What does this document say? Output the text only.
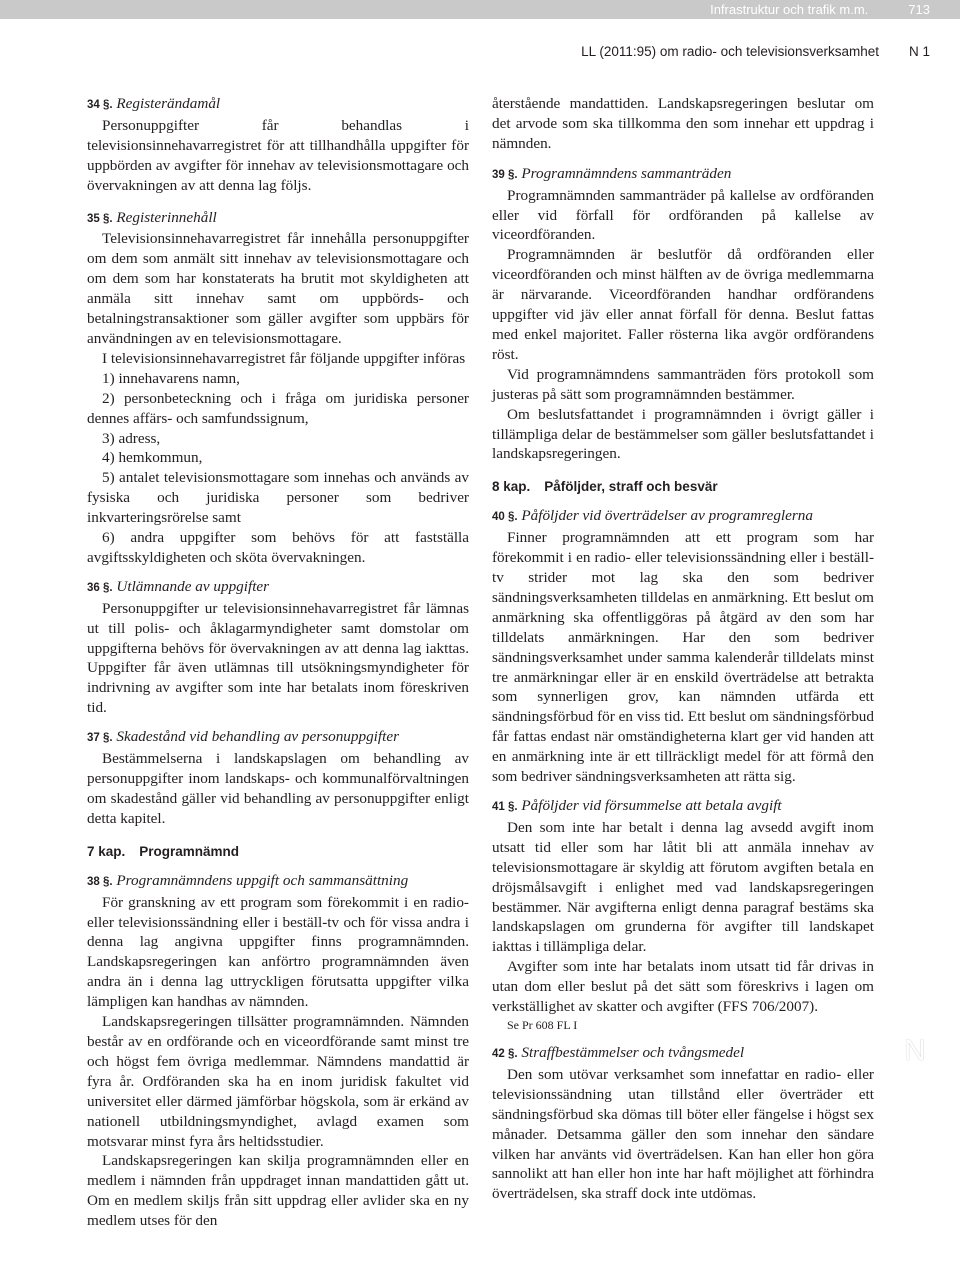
Infrastruktur och trafik m.m.	713
LL (2011:95) om radio- och televisionsverksamhet N 1

34 §. Registerändamål

Personuppgifter får behandlas i televisionsinnehavarregistret för att tillhandhålla uppgifter för uppbörden av avgifter för innehav av televisionsmottagare och övervakningen av att denna lag följs.

35 §. Registerinnehåll

Televisionsinnehavarregistret får innehålla personuppgifter om dem som anmält sitt innehav av televisionsmottagare och om dem som har konstaterats ha brutit mot skyldigheten att anmäla sitt innehav samt om uppbörds- och betalningstransaktioner som gäller avgifter som uppbärs för användningen av en televisionsmottagare.

I televisionsinnehavarregistret får följande uppgifter införas

1) innehavarens namn,

2) personbeteckning och i fråga om juridiska personer dennes affärs- och samfundssignum,

3) adress,

4) hemkommun,

5) antalet televisionsmottagare som innehas och används av fysiska och juridiska personer som bedriver inkvarteringsrörelse samt

6) andra uppgifter som behövs för att fastställa avgiftsskyldigheten och sköta övervakningen.

36 §. Utlämnande av uppgifter

Personuppgifter ur televisionsinnehavarregistret får lämnas ut till polis- och åklagarmyndigheter samt domstolar om uppgifterna behövs för övervakningen av att denna lag iakttas. Uppgifter får även utlämnas till utsökningsmyndigheter för indrivning av avgifter som inte har betalats inom föreskriven tid.

37 §. Skadestånd vid behandling av personuppgifter

Bestämmelserna i landskapslagen om behandling av personuppgifter inom landskaps- och kommunalförvaltningen om skadestånd gäller vid behandling av personuppgifter enligt detta kapitel.

7 kap. Programnämnd

38 §. Programnämndens uppgift och sammansättning

För granskning av ett program som förekommit i en radio- eller televisionssändning eller i beställ-tv och för vissa andra i denna lag angivna uppgifter finns programnämnden. Landskapsregeringen kan anförtro programnämnden även andra än i denna lag uttryckligen förutsatta uppgifter vilka lämpligen kan handhas av nämnden.

Landskapsregeringen tillsätter programnämnden. Nämnden består av en ordförande och en viceordförande samt minst tre och högst fem övriga medlemmar. Nämndens mandattid är fyra år. Ordföranden ska ha en inom juridisk fakultet vid universitet eller därmed jämförbar högskola, som är erkänd av nationell utbildningsmyndighet, avlagd examen som motsvarar minst fyra års heltidsstudier.

Landskapsregeringen kan skilja programnämnden eller en medlem i nämnden från uppdraget innan mandattiden gått ut. Om en medlem skiljs från sitt uppdrag eller avlider ska en ny medlem utses för den

återstående mandattiden. Landskapsregeringen beslutar om det arvode som ska tillkomma den som innehar ett uppdrag i nämnden.

39 §. Programnämndens sammanträden

Programnämnden sammanträder på kallelse av ordföranden eller vid förfall för ordföranden på kallelse av viceordföranden.

Programnämnden är beslutför då ordföranden eller viceordföranden och minst hälften av de övriga medlemmarna är närvarande. Viceordföranden handhar ordförandens uppgifter vid jäv eller annat förfall för denna. Beslut fattas med enkel majoritet. Faller rösterna lika avgör ordförandens röst.

Vid programnämndens sammanträden förs protokoll som justeras på sätt som programnämnden bestämmer.

Om beslutsfattandet i programnämnden i övrigt gäller i tillämpliga delar de bestämmelser som gäller beslutsfattandet i landskapsregeringen.

8 kap. Påföljder, straff och besvär

40 §. Påföljder vid överträdelser av programreglerna

Finner programnämnden att ett program som har förekommit i en radio- eller televisionssändning eller i beställ-tv strider mot lag ska den som bedriver sändningsverksamheten tilldelas en anmärkning. Ett beslut om anmärkning ska offentliggöras på åtgärd av den som har tilldelats anmärkningen. Har den som bedriver sändningsverksamhet under samma kalenderår tilldelats minst tre anmärkningar eller är en enskild överträdelse att betrakta som synnerligen grov, kan nämnden utfärda ett sändningsförbud för en viss tid. Ett beslut om sändningsförbud får fattas endast när omständigheterna klart ger vid handen att en anmärkning inte är ett tillräckligt medel för att förmå den som bedriver sändningsverksamheten att rätta sig.

41 §. Påföljder vid försummelse att betala avgift

Den som inte har betalt i denna lag avsedd avgift inom utsatt tid eller som har låtit bli att anmäla innehav av televisionsmottagare är skyldig att förutom avgiften betala en dröjsmålsavgift i enlighet med vad landskapsregeringen bestämmer. När avgifterna enligt denna paragraf bestäms ska landskapslagen om grunderna för avgifter till landskapet iakttas i tillämpliga delar.

Avgifter som inte har betalats inom utsatt tid får drivas in utan dom eller beslut på det sätt som föreskrivs i lagen om verkställighet av skatter och avgifter (FFS 706/2007).

Se Pr 608 FL I

42 §. Straffbestämmelser och tvångsmedel

Den som utövar verksamhet som innefattar en radio- eller televisionssändning utan tillstånd eller överträder ett sändningsförbud ska dömas till böter eller fängelse i högst sex månader. Detsamma gäller den som innehar den sändare vilken har använts vid överträdelsen. Kan han eller hon göra sannolikt att han eller hon inte har haft möjlighet att förhindra överträdelsen, ska straff dock inte utdömas.

N
